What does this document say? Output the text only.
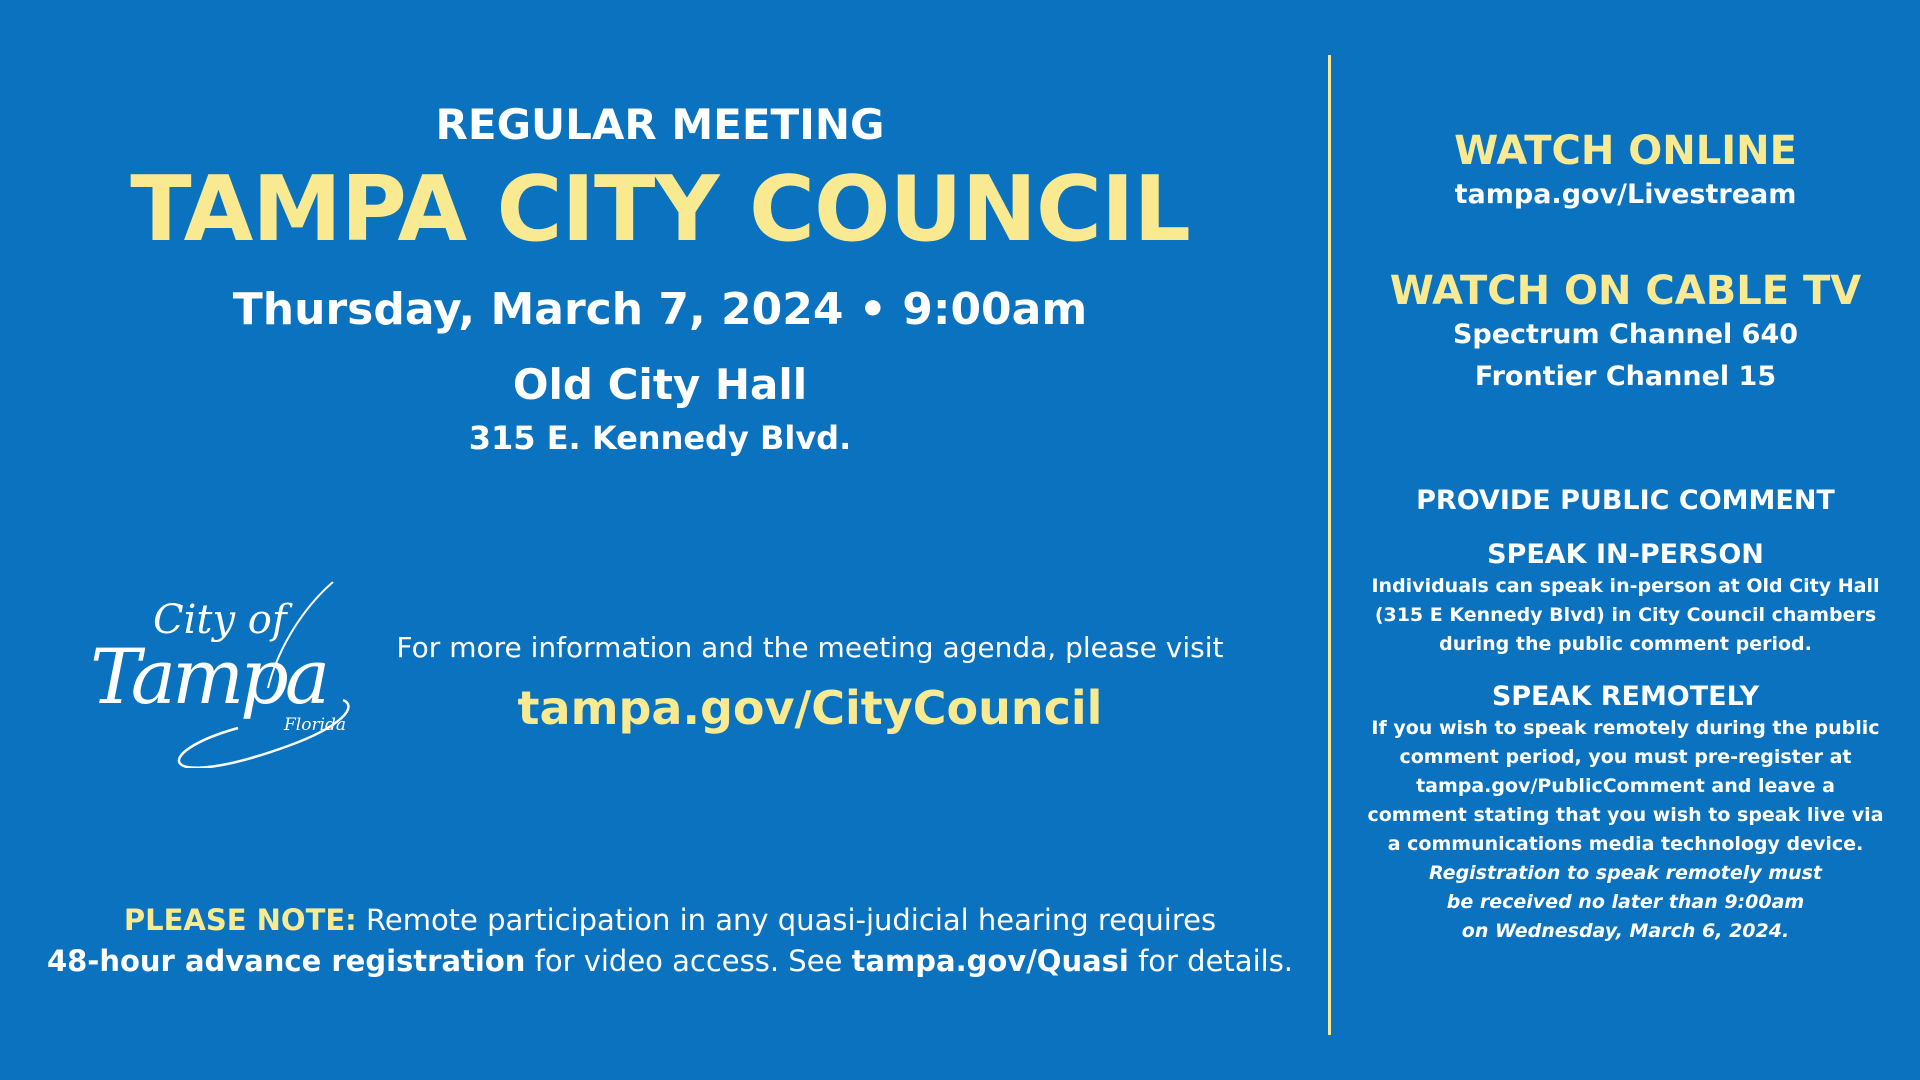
REGULAR MEETING
TAMPA CITY COUNCIL
Thursday, March 7, 2024 • 9:00am
Old City Hall
315 E. Kennedy Blvd.
City of
Tampa
Florida
For more information and the meeting agenda, please visit
tampa.gov/CityCouncil
PLEASE NOTE: Remote participation in any quasi-judicial hearing requires
48-hour advance registration for video access. See tampa.gov/Quasi for details.
WATCH ONLINE
tampa.gov/Livestream
WATCH ON CABLE TV
Spectrum Channel 640
Frontier Channel 15
PROVIDE PUBLIC COMMENT
SPEAK IN-PERSON
Individuals can speak in-person at Old City Hall
(315 E Kennedy Blvd) in City Council chambers
during the public comment period.
SPEAK REMOTELY
If you wish to speak remotely during the public
comment period, you must pre-register at
tampa.gov/PublicComment and leave a
comment stating that you wish to speak live via
a communications media technology device.
Registration to speak remotely must
be received no later than 9:00am
on Wednesday, March 6, 2024.
